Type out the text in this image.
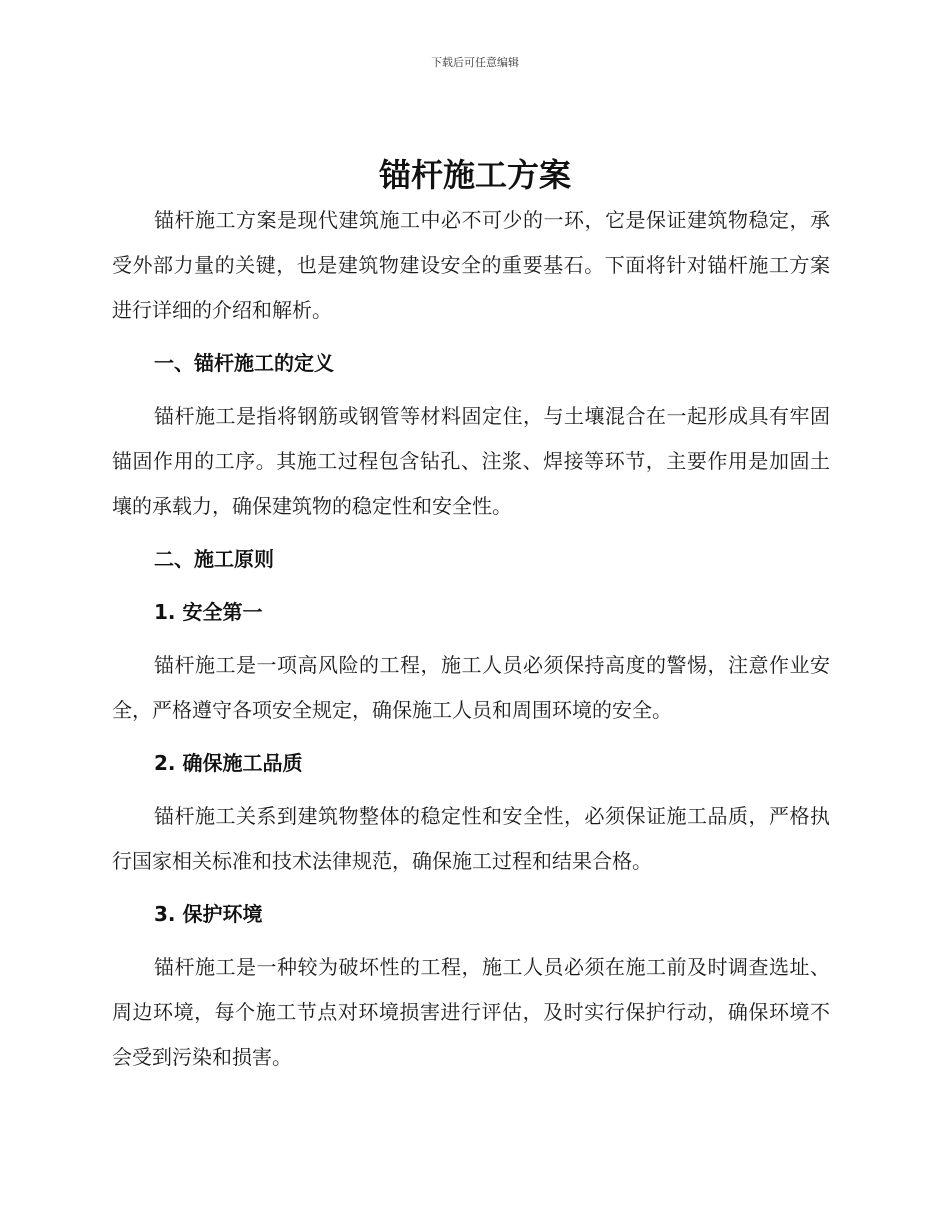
下载后可任意编辑
锚杆施工方案

锚杆施工方案是现代建筑施工中必不可少的一环，它是保证建筑物稳定，承受外部力量的关键，也是建筑物建设安全的重要基石。下面将针对锚杆施工方案进行详细的介绍和解析。

一、锚杆施工的定义

锚杆施工是指将钢筋或钢管等材料固定住，与土壤混合在一起形成具有牢固锚固作用的工序。其施工过程包含钻孔、注浆、焊接等环节，主要作用是加固土壤的承载力，确保建筑物的稳定性和安全性。

二、施工原则

1. 安全第一

锚杆施工是一项高风险的工程，施工人员必须保持高度的警惕，注意作业安全，严格遵守各项安全规定，确保施工人员和周围环境的安全。

2. 确保施工品质

锚杆施工关系到建筑物整体的稳定性和安全性，必须保证施工品质，严格执行国家相关标准和技术法律规范，确保施工过程和结果合格。

3. 保护环境

锚杆施工是一种较为破坏性的工程，施工人员必须在施工前及时调查选址、周边环境，每个施工节点对环境损害进行评估，及时实行保护行动，确保环境不会受到污染和损害。
